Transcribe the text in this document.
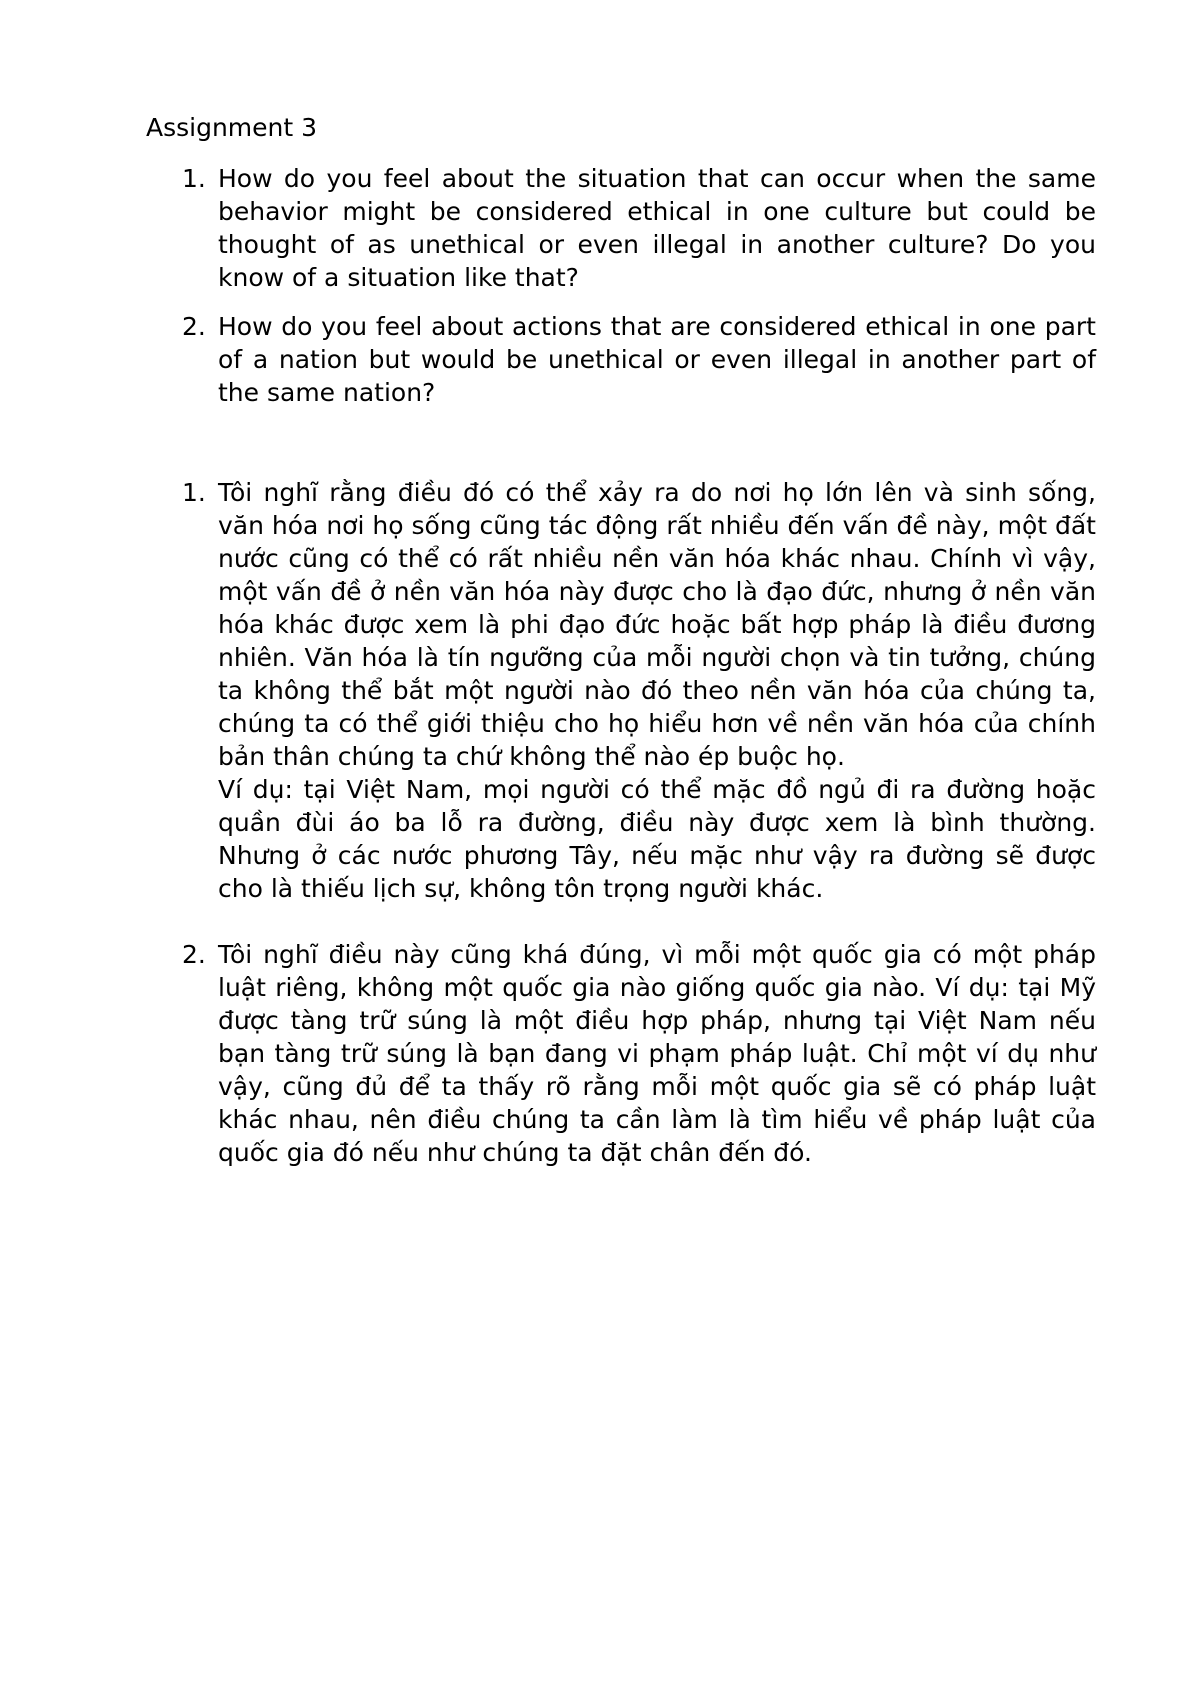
Assignment 3
1. How do you feel about the situation that can occur when the same behavior might be considered ethical in one culture but could be thought of as unethical or even illegal in another culture? Do you know of a situation like that?
2. How do you feel about actions that are considered ethical in one part of a nation but would be unethical or even illegal in another part of the same nation?
1. Tôi nghĩ rằng điều đó có thể xảy ra do nơi họ lớn lên và sinh sống, văn hóa nơi họ sống cũng tác động rất nhiều đến vấn đề này, một đất nước cũng có thể có rất nhiều nền văn hóa khác nhau. Chính vì vậy, một vấn đề ở nền văn hóa này được cho là đạo đức, nhưng ở nền văn hóa khác được xem là phi đạo đức hoặc bất hợp pháp là điều đương nhiên. Văn hóa là tín ngưỡng của mỗi người chọn và tin tưởng, chúng ta không thể bắt một người nào đó theo nền văn hóa của chúng ta, chúng ta có thể giới thiệu cho họ hiểu hơn về nền văn hóa của chính bản thân chúng ta chứ không thể nào ép buộc họ.
Ví dụ: tại Việt Nam, mọi người có thể mặc đồ ngủ đi ra đường hoặc quần đùi áo ba lỗ ra đường, điều này được xem là bình thường. Nhưng ở các nước phương Tây, nếu mặc như vậy ra đường sẽ được cho là thiếu lịch sự, không tôn trọng người khác.
2. Tôi nghĩ điều này cũng khá đúng, vì mỗi một quốc gia có một pháp luật riêng, không một quốc gia nào giống quốc gia nào. Ví dụ: tại Mỹ được tàng trữ súng là một điều hợp pháp, nhưng tại Việt Nam nếu bạn tàng trữ súng là bạn đang vi phạm pháp luật. Chỉ một ví dụ như vậy, cũng đủ để ta thấy rõ rằng mỗi một quốc gia sẽ có pháp luật khác nhau, nên điều chúng ta cần làm là tìm hiểu về pháp luật của quốc gia đó nếu như chúng ta đặt chân đến đó.
